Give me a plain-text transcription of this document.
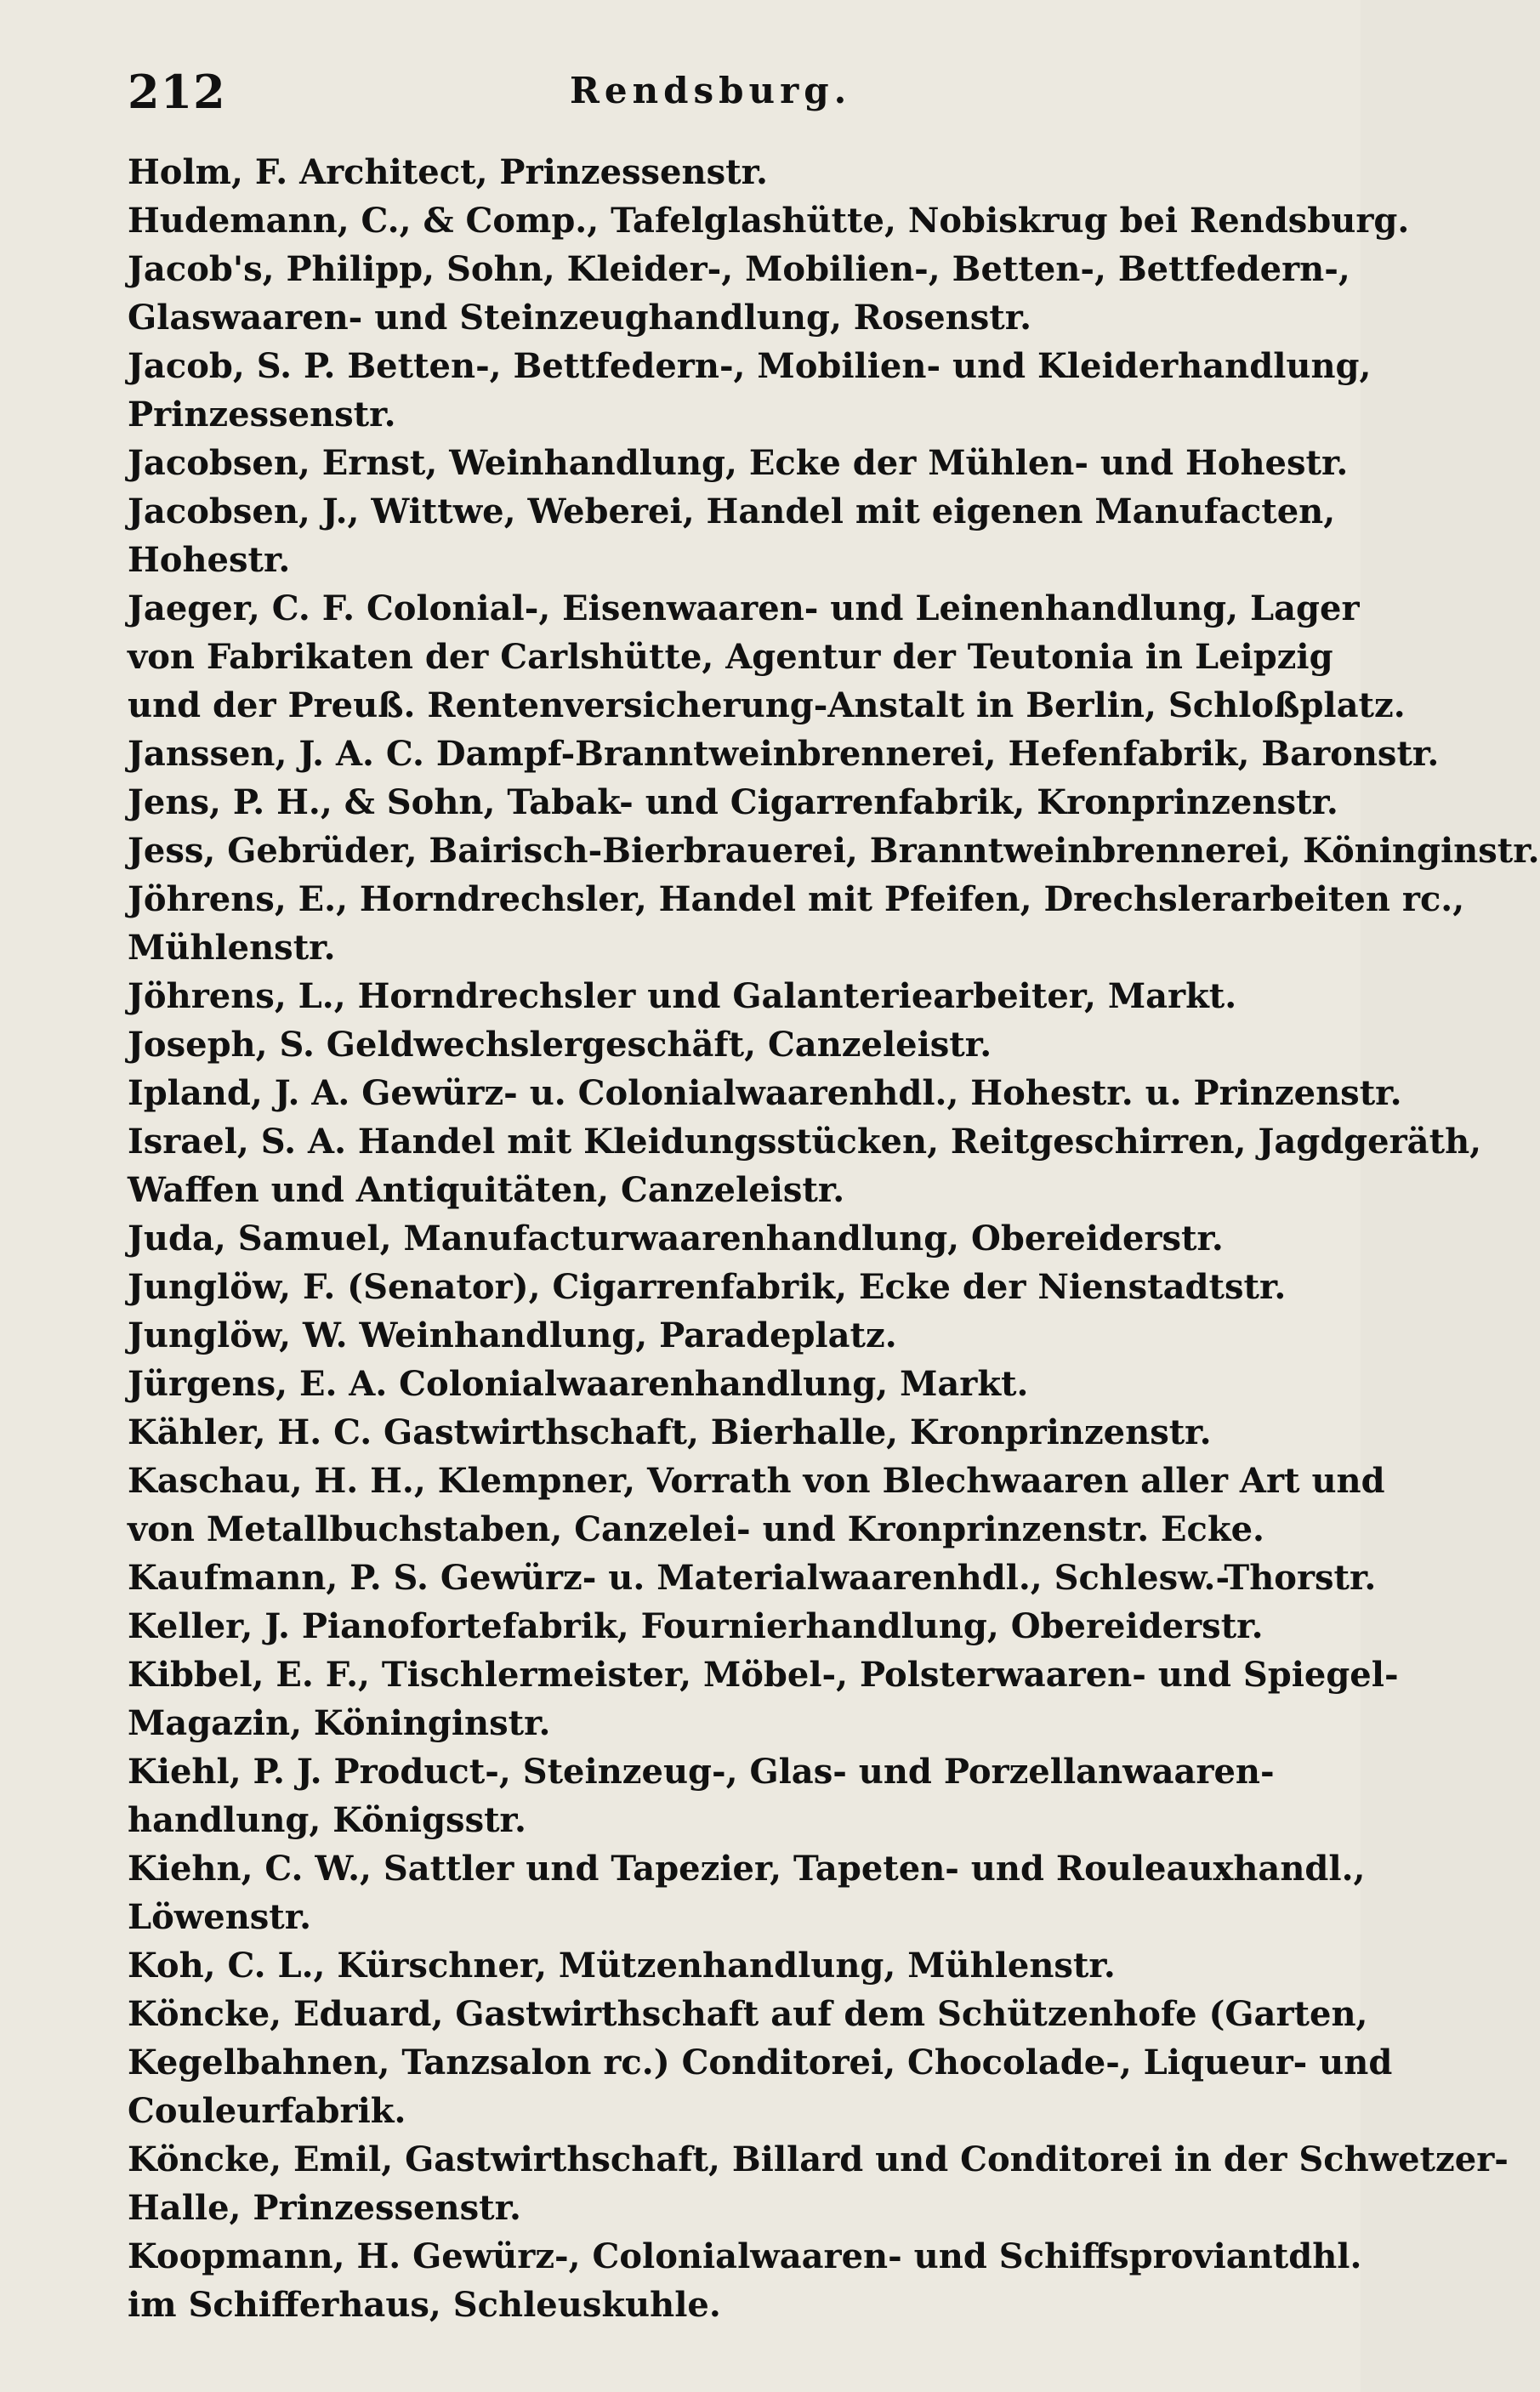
212	Rendsburg.
Holm, F. Architect, Prinzessenstr.
Hudemann, C., & Comp., Tafelglashütte, Nobiskrug bei Rendsburg.
Jacob's, Philipp, Sohn, Kleider-, Mobilien-, Betten-, Bettfedern-,
Glaswaaren- und Steinzeughandlung, Rosenstr.
Jacob, S. P. Betten-, Bettfedern-, Mobilien- und Kleiderhandlung,
Prinzessenstr.
Jacobsen, Ernst, Weinhandlung, Ecke der Mühlen- und Hohestr.
Jacobsen, J., Wittwe, Weberei, Handel mit eigenen Manufacten,
Hohestr.
Jaeger, C. F. Colonial-, Eisenwaaren- und Leinenhandlung, Lager
von Fabrikaten der Carlshütte, Agentur der Teutonia in Leipzig
und der Preuß. Rentenversicherung-Anstalt in Berlin, Schloßplatz.
Janssen, J. A. C. Dampf-Branntweinbrennerei, Hefenfabrik, Baronstr.
Jens, P. H., & Sohn, Tabak- und Cigarrenfabrik, Kronprinzenstr.
Jess, Gebrüder, Bairisch-Bierbrauerei, Branntweinbrennerei, Köninginstr.
Jöhrens, E., Horndrechsler, Handel mit Pfeifen, Drechslerarbeiten rc.,
Mühlenstr.
Jöhrens, L., Horndrechsler und Galanteriearbeiter, Markt.
Joseph, S. Geldwechslergeschäft, Canzeleistr.
Ipland, J. A. Gewürz- u. Colonialwaarenhdl., Hohestr. u. Prinzenstr.
Israel, S. A. Handel mit Kleidungsstücken, Reitgeschirren, Jagdgeräth,
Waffen und Antiquitäten, Canzeleistr.
Juda, Samuel, Manufacturwaarenhandlung, Obereiderstr.
Junglöw, F. (Senator), Cigarrenfabrik, Ecke der Nienstadtstr.
Junglöw, W. Weinhandlung, Paradeplatz.
Jürgens, E. A. Colonialwaarenhandlung, Markt.
Kähler, H. C. Gastwirthschaft, Bierhalle, Kronprinzenstr.
Kaschau, H. H., Klempner, Vorrath von Blechwaaren aller Art und
von Metallbuchstaben, Canzelei- und Kronprinzenstr. Ecke.
Kaufmann, P. S. Gewürz- u. Materialwaarenhdl., Schlesw.-Thorstr.
Keller, J. Pianofortefabrik, Fournierhandlung, Obereiderstr.
Kibbel, E. F., Tischlermeister, Möbel-, Polsterwaaren- und Spiegel-
Magazin, Köninginstr.
Kiehl, P. J. Product-, Steinzeug-, Glas- und Porzellanwaaren-
handlung, Königsstr.
Kiehn, C. W., Sattler und Tapezier, Tapeten- und Rouleauxhandl.,
Löwenstr.
Koh, C. L., Kürschner, Mützenhandlung, Mühlenstr.
Köncke, Eduard, Gastwirthschaft auf dem Schützenhofe (Garten,
Kegelbahnen, Tanzsalon rc.) Conditorei, Chocolade-, Liqueur- und
Couleurfabrik.
Köncke, Emil, Gastwirthschaft, Billard und Conditorei in der Schwetzer-
Halle, Prinzessenstr.
Koopmann, H. Gewürz-, Colonialwaaren- und Schiffsproviantdhl.
im Schifferhaus, Schleuskuhle.
